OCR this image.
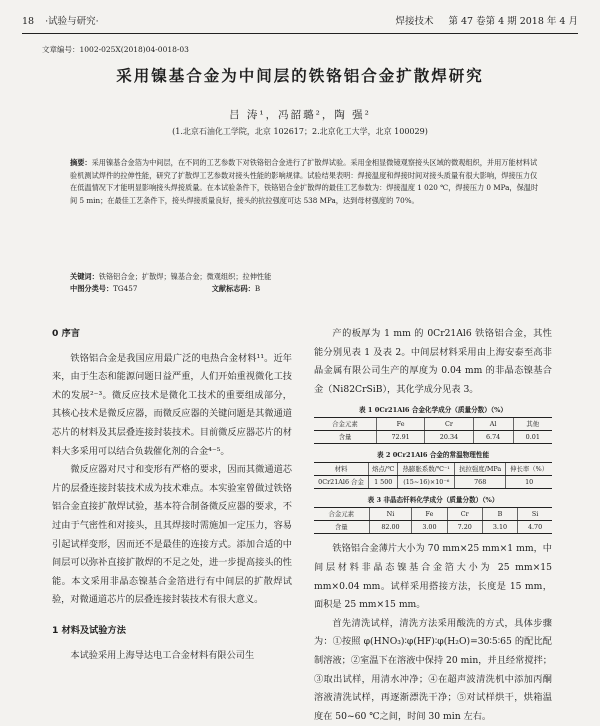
18 ·试验与研究·	焊接技术 第 47 卷第 4 期 2018 年 4 月
文章编号：1002-025X(2018)04-0018-03
采用镍基合金为中间层的铁铬铝合金扩散焊研究
吕 涛¹，冯韶璐²，陶 强²
(1.北京石油化工学院，北京 102617；2.北京化工大学，北京 100029)
摘要：采用镍基合金箔为中间层，在不同的工艺参数下对铁铬铝合金进行了扩散焊试验。采用金相显微镜观察接头区域的微观组织，并用万能材料试验机测试焊件的拉伸性能，研究了扩散焊工艺参数对接头性能的影响规律。试验结果表明：焊接温度和焊接时间对接头质量有很大影响，焊接压力仅在低温情况下才能明显影响接头焊接质量。在本试验条件下，铁铬铝合金扩散焊的最佳工艺参数为：焊接温度 1 020 ℃，焊接压力 0 MPa，保温时间 5 min；在最佳工艺条件下，接头焊接质量良好，接头的抗拉强度可达 538 MPa，达到母材强度的 70%。
关键词：铁铬铝合金；扩散焊；镍基合金；微观组织；拉伸性能
中图分类号：TG457	文献标志码：B
0 序言

铁铬铝合金是我国应用最广泛的电热合金材料¹¹。近年来，由于生态和能源问题日益严重，人们开始重视微化工技术的发展²⁻³。微反应技术是微化工技术的重要组成部分，其核心技术是微反应器，而微反应器的关键问题是其微通道芯片的材料及其层叠连接封装技术。目前微反应器芯片的材料大多采用可以结合负载催化剂的合金⁴⁻⁵。

微反应器对尺寸和变形有严格的要求，因而其微通道芯片的层叠连接封装技术成为技术难点。本实验室曾做过铁铬铝合金直接扩散焊试验，基本符合制备微反应器的要求，不过由于气密性和对接头，且其焊接时需施加一定压力，容易引起试样变形，因而还不是最佳的连接方式。添加合适的中间层可以弥补直接扩散焊的不足之处，进一步提高接头的性能。本文采用非晶态镍基合金箔进行有中间层的扩散焊试验，对微通道芯片的层叠连接封装技术有很大意义。

1 材料及试验方法

本试验采用上海导达电工合金材料有限公司生

产的板厚为 1 mm 的 0Cr21Al6 铁铬铝合金，其性能分别见表 1 及表 2。中间层材料采用由上海安泰至高非晶金属有限公司生产的厚度为 0.04 mm 的非晶态镍基合金（Ni82CrSiB），其化学成分见表 3。

表 1 0Cr21Al6 合金化学成分（质量分数）（%）
合金元素	Fe	Cr	Al	其他
含量	72.91	20.34	6.74	0.01
表 2 0Cr21Al6 合金的常温物理性能
材料	熔点/℃	热膨胀系数/℃⁻¹	抗拉强度/MPa	伸长率（%）
0Cr21Al6 合金	1 500	(15~16)×10⁻⁶	768	10
表 3 非晶态钎料化学成分（质量分数）（%）
合金元素	Ni	Fe	Cr	B	Si
含量	82.00	3.00	7.20	3.10	4.70

铁铬铝合金薄片大小为 70 mm×25 mm×1 mm，中间层材料非晶态镍基合金箔大小为 25 mm×15 mm×0.04 mm。试样采用搭接方法，长度是 15 mm，面积是 25 mm×15 mm。

首先清洗试样，清洗方法采用酸洗的方式，具体步骤为：①按照 φ(HNO₃)∶φ(HF)∶φ(H₂O)=30∶5∶65 的配比配制溶液；②室温下在溶液中保持 20 min，并且经常搅拌；③取出试样，用清水冲净；④在超声波清洗机中添加丙酮溶液清洗试样，再逐渐漂洗干净；⑤对试样烘干，烘箱温度在 50~60 ℃之间，时间 30 min 左右。
